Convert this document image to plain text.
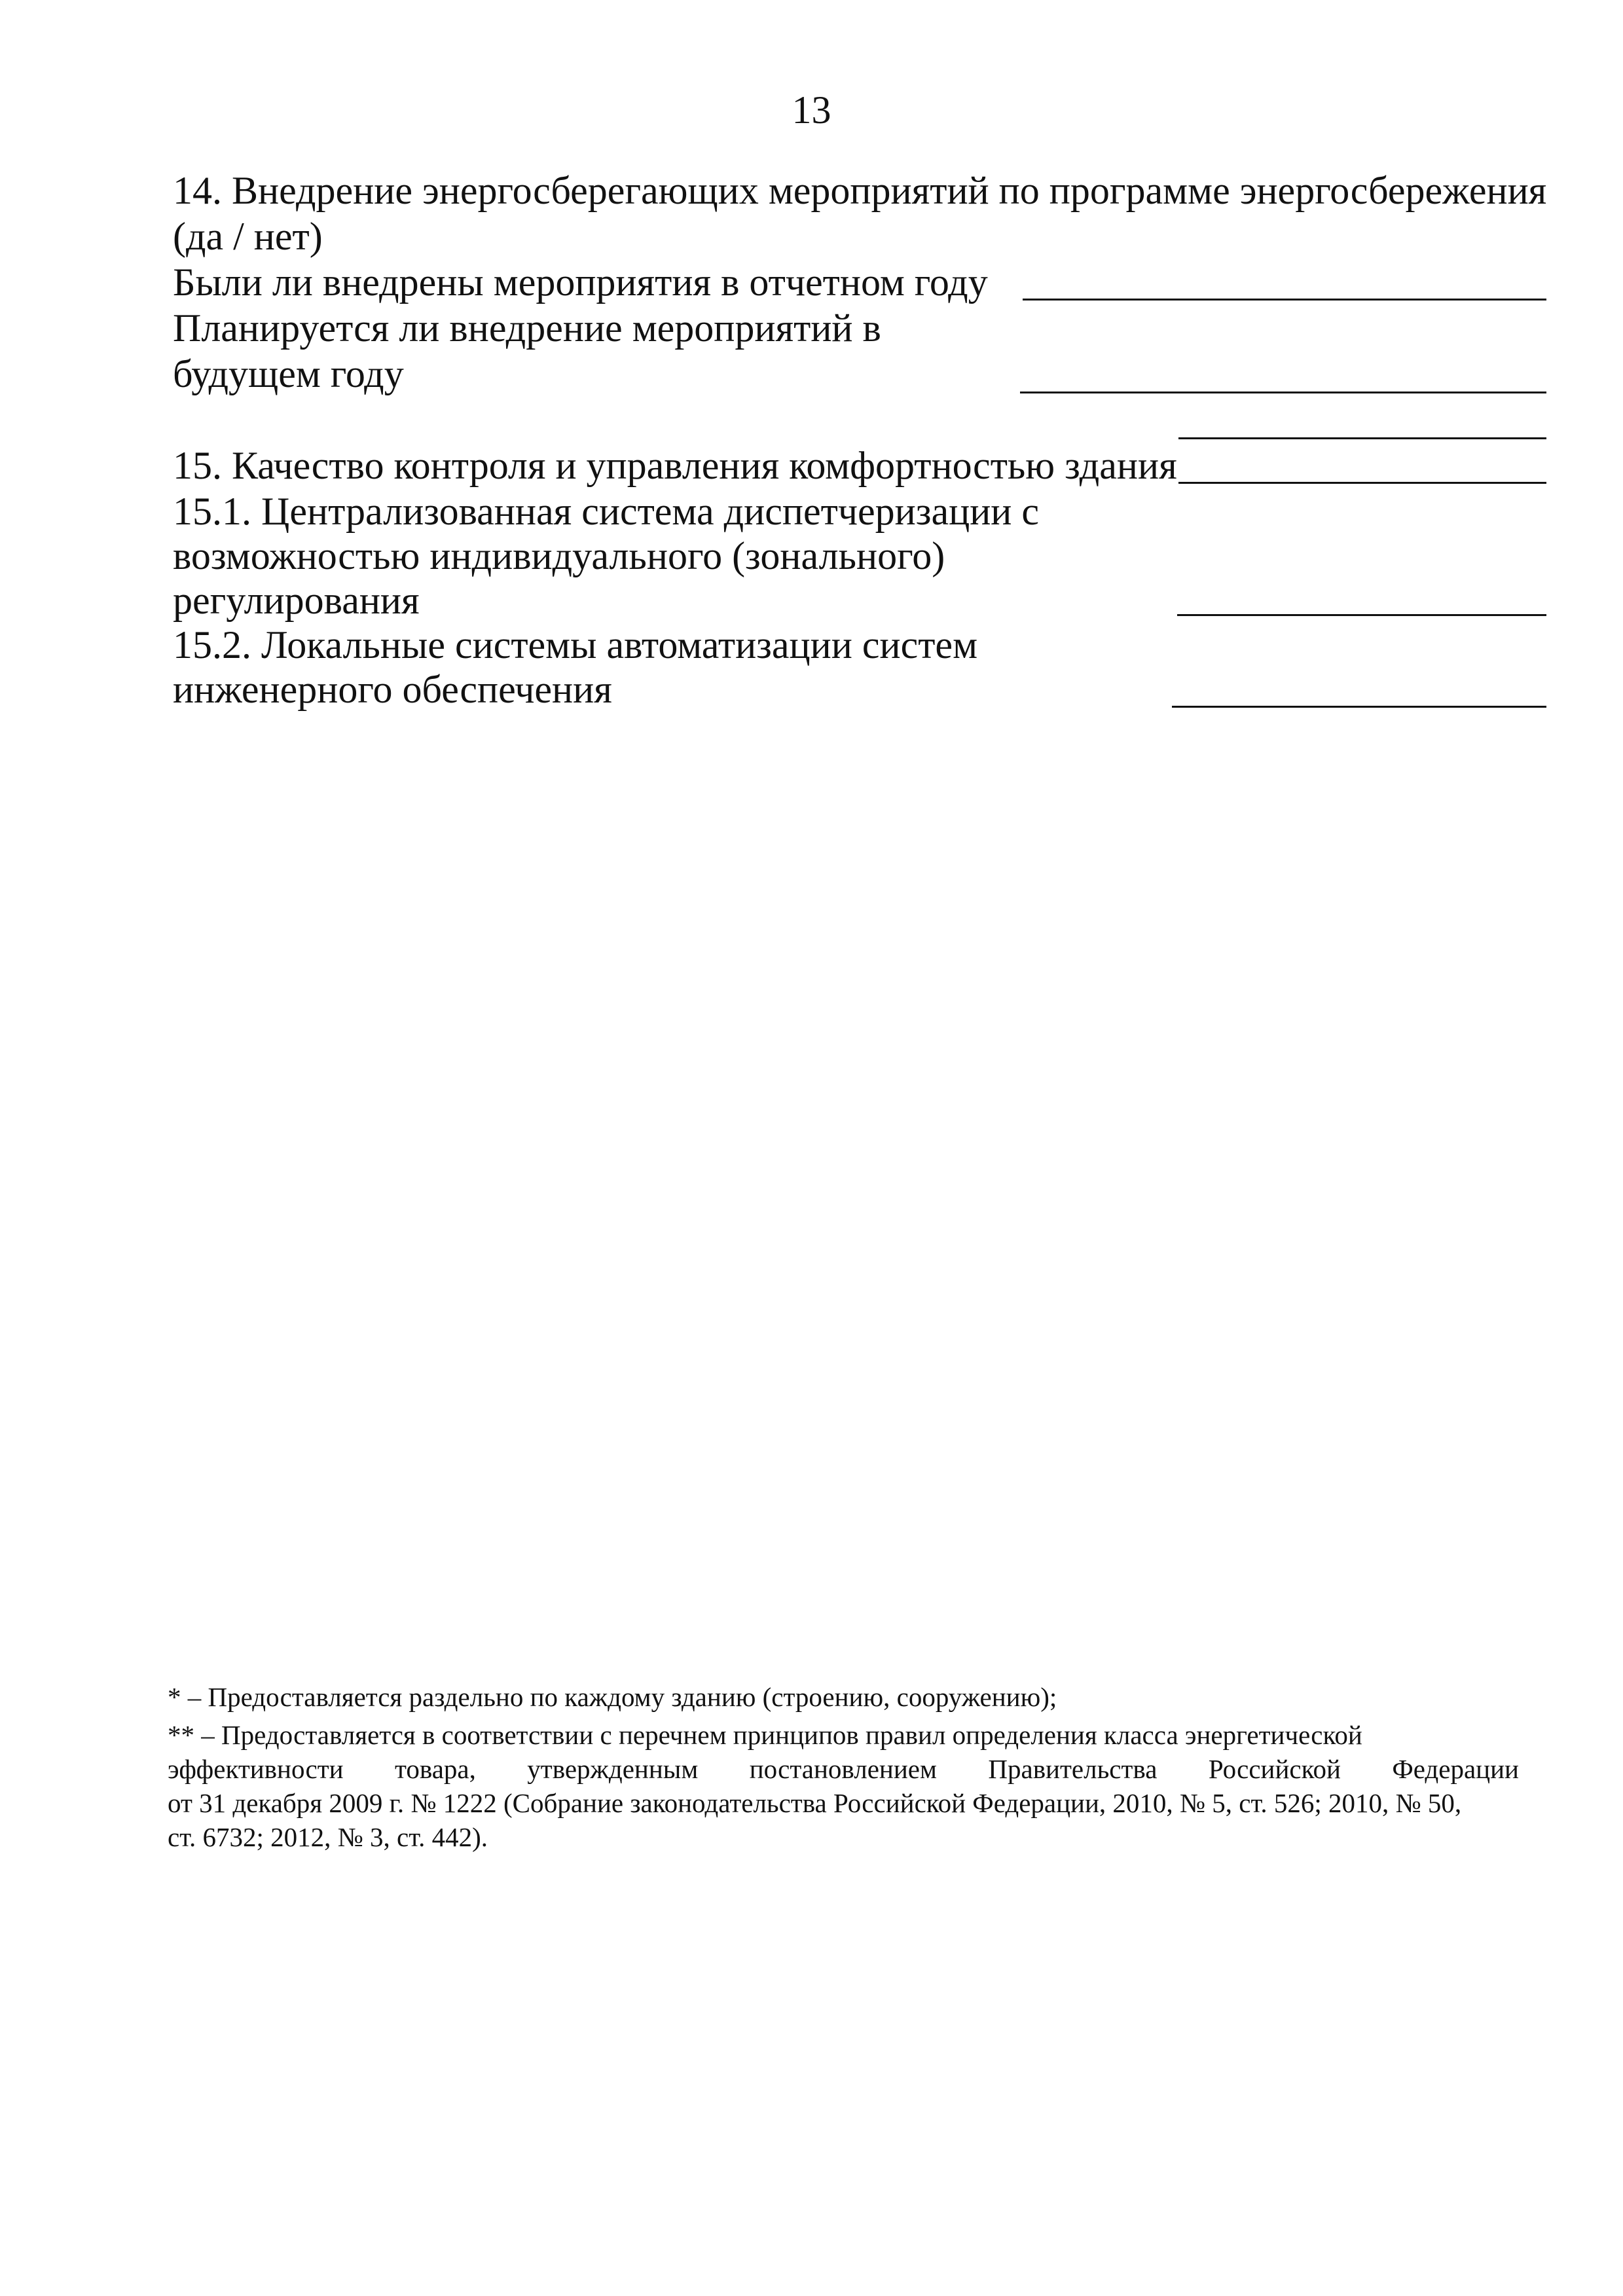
13
14. Внедрение энергосберегающих мероприятий по программе энергосбережения
(да / нет)
Были ли внедрены мероприятия в отчетном году
Планируется ли внедрение мероприятий в
будущем году
15. Качество контроля и управления комфортностью здания
15.1. Централизованная система диспетчеризации с
возможностью индивидуального (зонального)
регулирования
15.2. Локальные системы автоматизации систем
инженерного обеспечения
* – Предоставляется раздельно по каждому зданию (строению, сооружению);
** – Предоставляется в соответствии с перечнем принципов правил определения класса энергетической
эффективности товара, утвержденным постановлением Правительства Российской Федерации
от 31 декабря 2009 г. № 1222 (Собрание законодательства Российской Федерации, 2010, № 5, ст. 526; 2010, № 50,
ст. 6732; 2012, № 3, ст. 442).
